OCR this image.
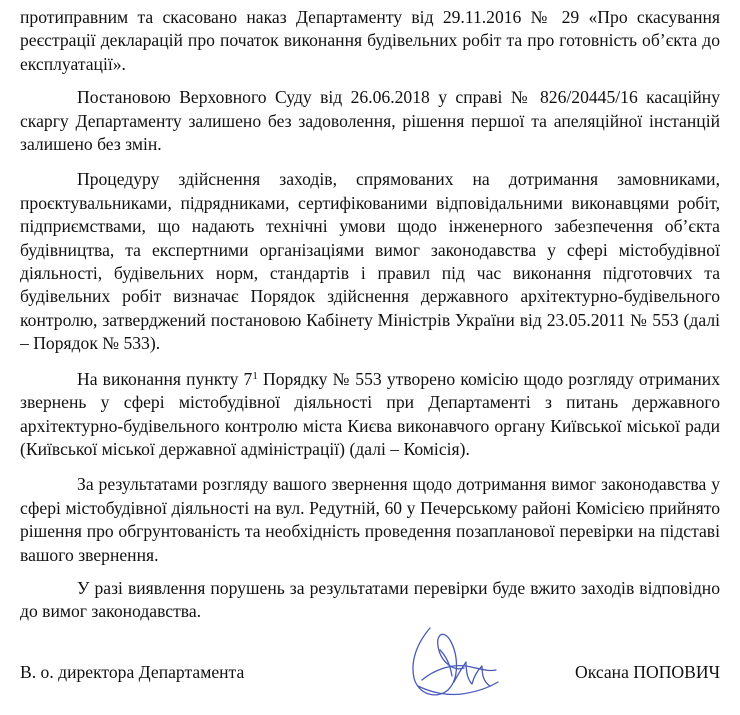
протиправним та скасовано наказ Департаменту від 29.11.2016 № 29 «Про скасування реєстрації декларацій про початок виконання будівельних робіт та про готовність об’єкта до експлуатації».

Постановою Верховного Суду від 26.06.2018 у справі № 826/20445/16 касаційну скаргу Департаменту залишено без задоволення, рішення першої та апеляційної інстанцій залишено без змін.

Процедуру здійснення заходів, спрямованих на дотримання замовниками, проєктувальниками, підрядниками, сертифікованими відповідальними виконавцями робіт, підприємствами, що надають технічні умови щодо інженерного забезпечення об’єкта будівництва, та експертними організаціями вимог законодавства у сфері містобудівної діяльності, будівельних норм, стандартів і правил під час виконання підготовчих та будівельних робіт визначає Порядок здійснення державного архітектурно-будівельного контролю, затверджений постановою Кабінету Міністрів України від 23.05.2011 № 553 (далі – Порядок № 533).

На виконання пункту $7^1$ Порядку № 553 утворено комісію щодо розгляду отриманих звернень у сфері містобудівної діяльності при Департаменті з питань державного архітектурно-будівельного контролю міста Києва виконавчого органу Київської міської ради (Київської міської державної адміністрації) (далі – Комісія).

За результатами розгляду вашого звернення щодо дотримання вимог законодавства у сфері містобудівної діяльності на вул. Редутній, 60 у Печерському районі Комісією прийнято рішення про обгрунтованість та необхідність проведення позапланової перевірки на підставі вашого звернення.

У разі виявлення порушень за результатами перевірки буде вжито заходів відповідно до вимог законодавства.

В. о. директора Департамента	Оксана ПОПОВИЧ
